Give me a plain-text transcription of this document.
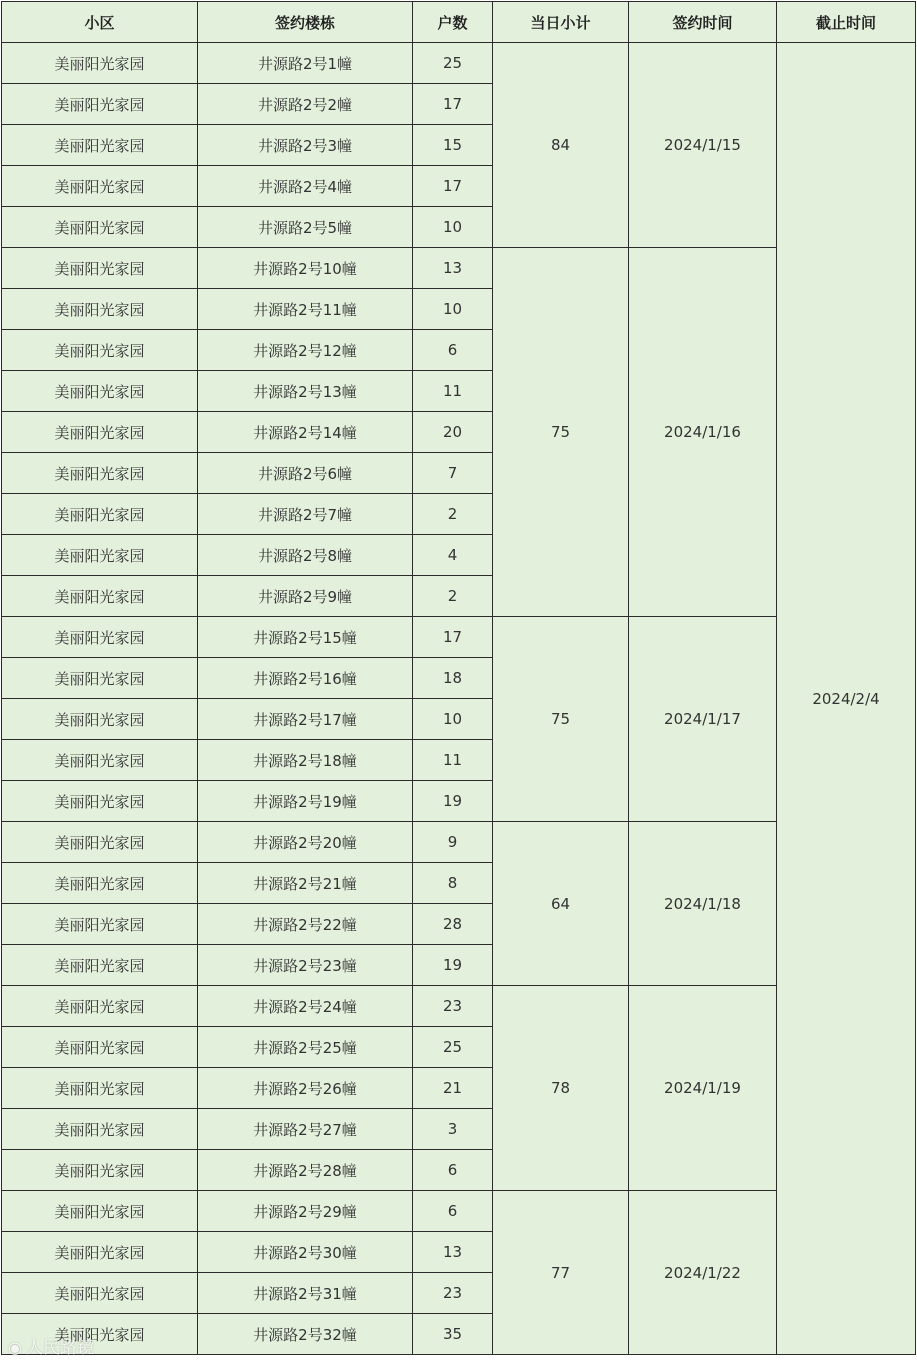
小区	签约楼栋	户数	当日小计	签约时间	截止时间
美丽阳光家园	井源路2号1幢	25	84	2024/1/15	2024/2/4
美丽阳光家园	井源路2号2幢	17			
美丽阳光家园	井源路2号3幢	15			
美丽阳光家园	井源路2号4幢	17			
美丽阳光家园	井源路2号5幢	10			
美丽阳光家园	井源路2号10幢	13	75	2024/1/16	
美丽阳光家园	井源路2号11幢	10			
美丽阳光家园	井源路2号12幢	6			
美丽阳光家园	井源路2号13幢	11			
美丽阳光家园	井源路2号14幢	20			
美丽阳光家园	井源路2号6幢	7			
美丽阳光家园	井源路2号7幢	2			
美丽阳光家园	井源路2号8幢	4			
美丽阳光家园	井源路2号9幢	2			
美丽阳光家园	井源路2号15幢	17	75	2024/1/17	
美丽阳光家园	井源路2号16幢	18			
美丽阳光家园	井源路2号17幢	10			
美丽阳光家园	井源路2号18幢	11			
美丽阳光家园	井源路2号19幢	19			
美丽阳光家园	井源路2号20幢	9	64	2024/1/18	
美丽阳光家园	井源路2号21幢	8			
美丽阳光家园	井源路2号22幢	28			
美丽阳光家园	井源路2号23幢	19			
美丽阳光家园	井源路2号24幢	23	78	2024/1/19	
美丽阳光家园	井源路2号25幢	25			
美丽阳光家园	井源路2号26幢	21			
美丽阳光家园	井源路2号27幢	3			
美丽阳光家园	井源路2号28幢	6			
美丽阳光家园	井源路2号29幢	6	77	2024/1/22	
美丽阳光家园	井源路2号30幢	13			
美丽阳光家园	井源路2号31幢	23			
美丽阳光家园	井源路2号32幢	35			
◉ 人民路镜
